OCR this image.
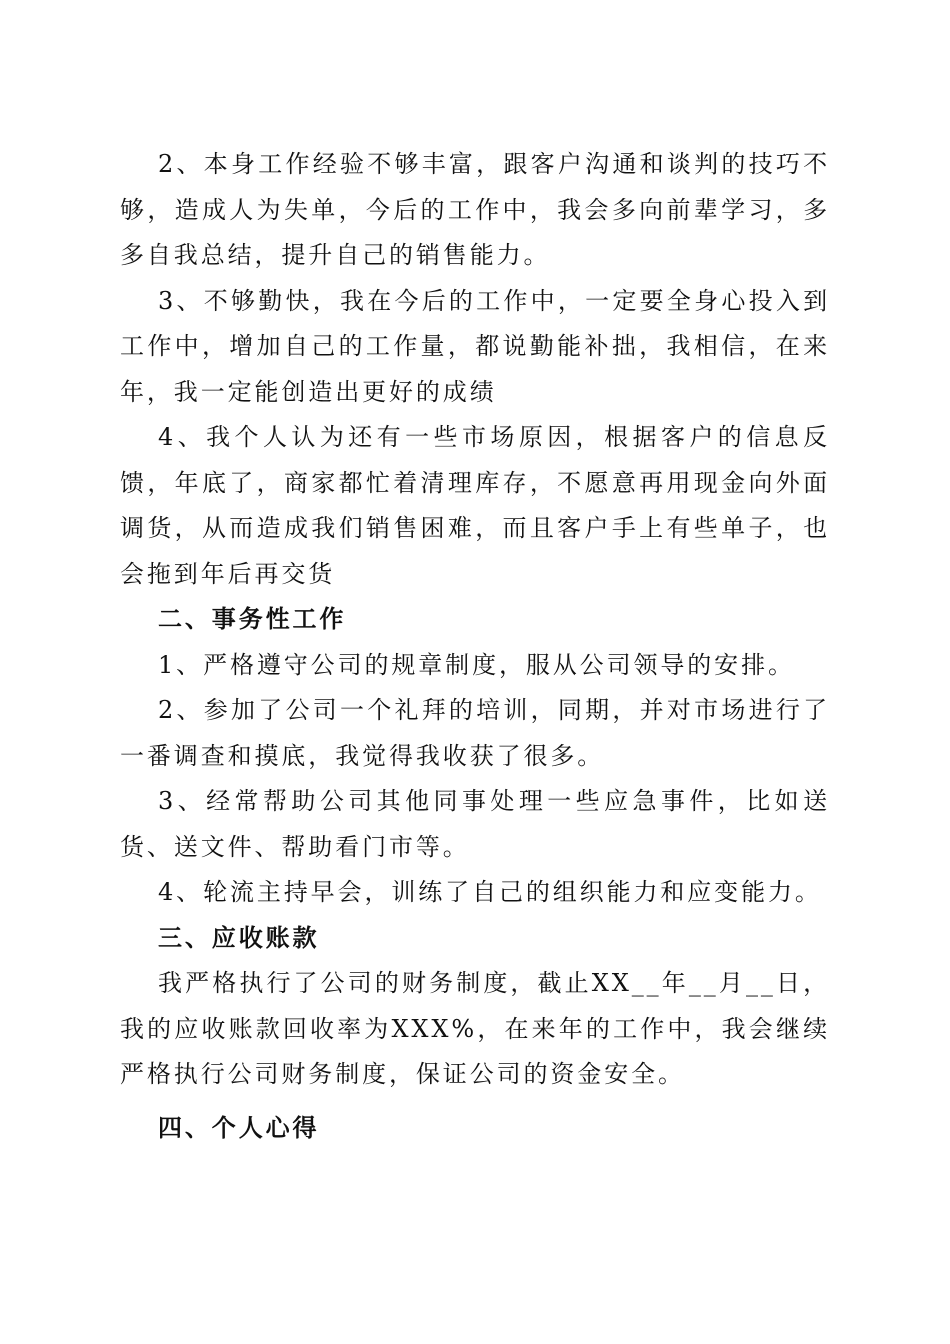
2、本身工作经验不够丰富，跟客户沟通和谈判的技巧不够，造成人为失单，今后的工作中，我会多向前辈学习，多多自我总结，提升自己的销售能力。

3、不够勤快，我在今后的工作中，一定要全身心投入到工作中，增加自己的工作量，都说勤能补拙，我相信，在来年，我一定能创造出更好的成绩

4、我个人认为还有一些市场原因，根据客户的信息反馈，年底了，商家都忙着清理库存，不愿意再用现金向外面调货，从而造成我们销售困难，而且客户手上有些单子，也会拖到年后再交货

二、事务性工作

1、严格遵守公司的规章制度，服从公司领导的安排。

2、参加了公司一个礼拜的培训，同期，并对市场进行了一番调查和摸底，我觉得我收获了很多。

3、经常帮助公司其他同事处理一些应急事件，比如送货、送文件、帮助看门市等。

4、轮流主持早会，训练了自己的组织能力和应变能力。

三、应收账款

我严格执行了公司的财务制度，截止XX__年__月__日，我的应收账款回收率为XXX%，在来年的工作中，我会继续严格执行公司财务制度，保证公司的资金安全。

四、个人心得
